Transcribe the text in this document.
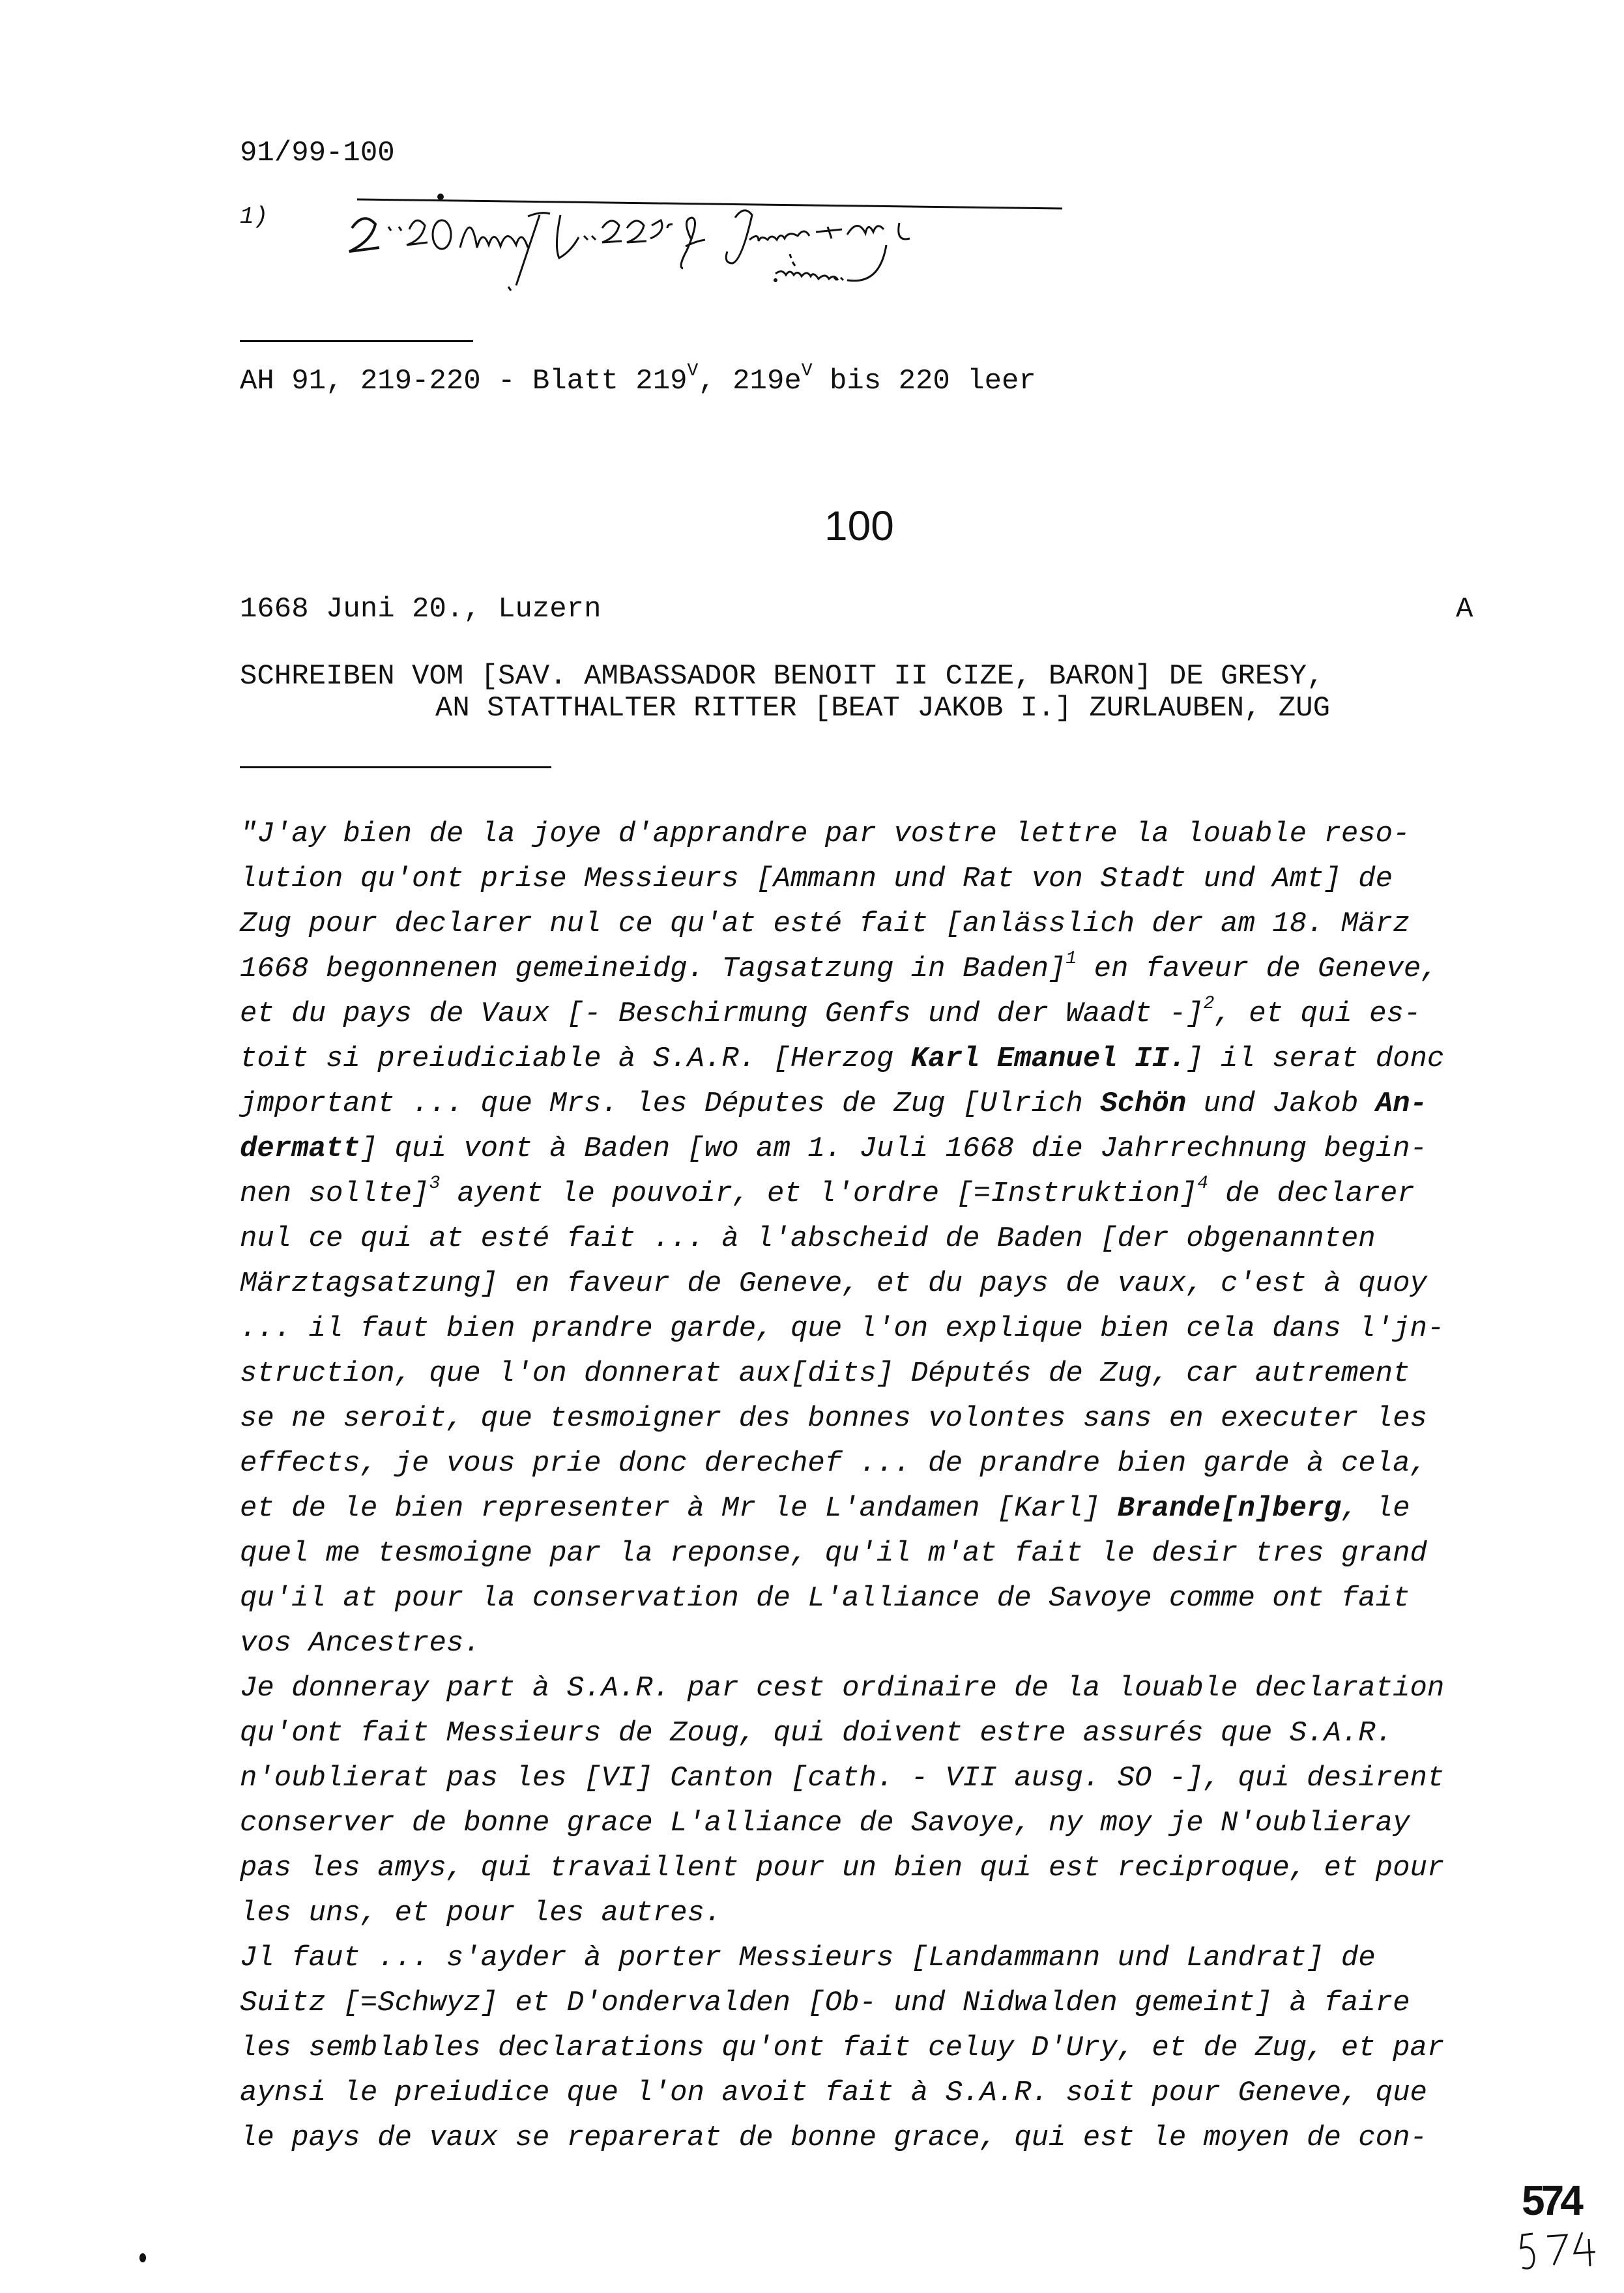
91/99-100
1)
AH 91, 219-220 - Blatt $219^V$, $219e^V$ bis 220 leer
100
1668 Juni 20., Luzern	A
SCHREIBEN VOM [SAV. AMBASSADOR BENOIT II CIZE, BARON] DE GRESY,
AN STATTHALTER RITTER [BEAT JAKOB I.] ZURLAUBEN, ZUG
"J'ay bien de la joye d'apprandre par vostre lettre la louable reso-
lution qu'ont prise Messieurs [Ammann und Rat von Stadt und Amt] de
Zug pour declarer nul ce qu'at esté fait [anlässlich der am 18. März
1668 begonnenen gemeineidg. Tagsatzung in Baden]$^1$ en faveur de Geneve,
et du pays de Vaux [- Beschirmung Genfs und der Waadt -]$^2$, et qui es-
toit si preiudiciable à S.A.R. [Herzog Karl Emanuel II.] il serat donc
jmportant ... que Mrs. les Députes de Zug [Ulrich Schön und Jakob An-
dermatt] qui vont à Baden [wo am 1. Juli 1668 die Jahrrechnung begin-
nen sollte]$^3$ ayent le pouvoir, et l'ordre [=Instruktion]$^4$ de declarer
nul ce qui at esté fait ... à l'abscheid de Baden [der obgenannten
Märztagsatzung] en faveur de Geneve, et du pays de vaux, c'est à quoy
... il faut bien prandre garde, que l'on explique bien cela dans l'jn-
struction, que l'on donnerat aux[dits] Députés de Zug, car autrement
se ne seroit, que tesmoigner des bonnes volontes sans en executer les
effects, je vous prie donc derechef ... de prandre bien garde à cela,
et de le bien representer à Mr le L'andamen [Karl] Brande[n]berg, le
quel me tesmoigne par la reponse, qu'il m'at fait le desir tres grand
qu'il at pour la conservation de L'alliance de Savoye comme ont fait
vos Ancestres.
Je donneray part à S.A.R. par cest ordinaire de la louable declaration
qu'ont fait Messieurs de Zoug, qui doivent estre assurés que S.A.R.
n'oublierat pas les [VI] Canton [cath. - VII ausg. SO -], qui desirent
conserver de bonne grace L'alliance de Savoye, ny moy je N'oublieray
pas les amys, qui travaillent pour un bien qui est reciproque, et pour
les uns, et pour les autres.
Jl faut ... s'ayder à porter Messieurs [Landammann und Landrat] de
Suitz [=Schwyz] et D'ondervalden [Ob- und Nidwalden gemeint] à faire
les semblables declarations qu'ont fait celuy D'Ury, et de Zug, et par
aynsi le preiudice que l'on avoit fait à S.A.R. soit pour Geneve, que
le pays de vaux se reparerat de bonne grace, qui est le moyen de con-
574
